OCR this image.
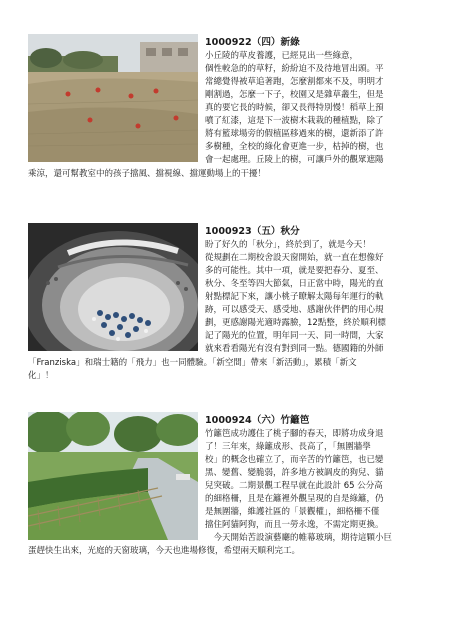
1000922（四）新綠

小丘陵的草皮養護，已經見出一些綠意，
個性較急的的草籽，紛紛迫不及待地冒出頭。平
常總覺得被草追著跑，怎麼割都來不及，明明才
剛割過，怎麼一下子，校園又是雜草叢生，但是
真的要它長的時候，卻又長得特別慢！稻草上預
噴了紅漆，這是下一波樹木栽栽的種植點，除了
將有籃球場旁的假植區移過來的樹，還新添了許
多樹種，全校的綠化會更進一步，枯掉的樹，也
會一起處理。丘陵上的樹，可讓戶外的觀眾遮陽

乘涼，還可幫教室中的孩子擋風、擋視線、擋運動場上的干擾！

1000923（五）秋分

盼了好久的「秋分」，終於到了，就是今天！
從規劃在二期校舍設天窗開始，就一直在想像好
多的可能性。其中一項，就是要把春分、夏至、
秋分、冬至等四大節氣，日正當中時，陽光的直
射點標記下來，讓小桃子瞭解太陽每年運行的軌
跡，可以感受天、感受地、感謝伙伴們的用心規
劃，更感謝陽光適時露臉，12點整，終於順利標
記了陽光的位置，明年同一天、同一時間，大家
就來看看陽光有沒有對到同一點。德國籍的外師

「Franziska」和瑞士籍的「飛力」也一同體驗。「新空間」帶來「新活動」，累積「新文
化」！

1000924（六）竹籬笆

竹籬笆成功護住了桃子腳的春天，即將功成身退
了！三年來，綠籬成形、長高了，「無圍牆學
校」的概念也確立了，而辛苦的竹籬笆，也已變
黑、變舊、變脆弱，許多地方被調皮的狗兒、貓
兒突破。二期景觀工程早就在此設計 65 公分高
的細格柵，且是在籬裡外觀呈現的自是綠籬，仍
是無圍牆，維護社區的「景觀權」，細格柵不僅
擋住阿貓阿狗，而且一勞永逸，不需定期更換。
　今天開始苦設演藝廳的帷幕玻璃，期待這顆小巨

蛋趕快生出來，光庭的天窗玻璃，今天也進場修復，希望兩天順利完工。
